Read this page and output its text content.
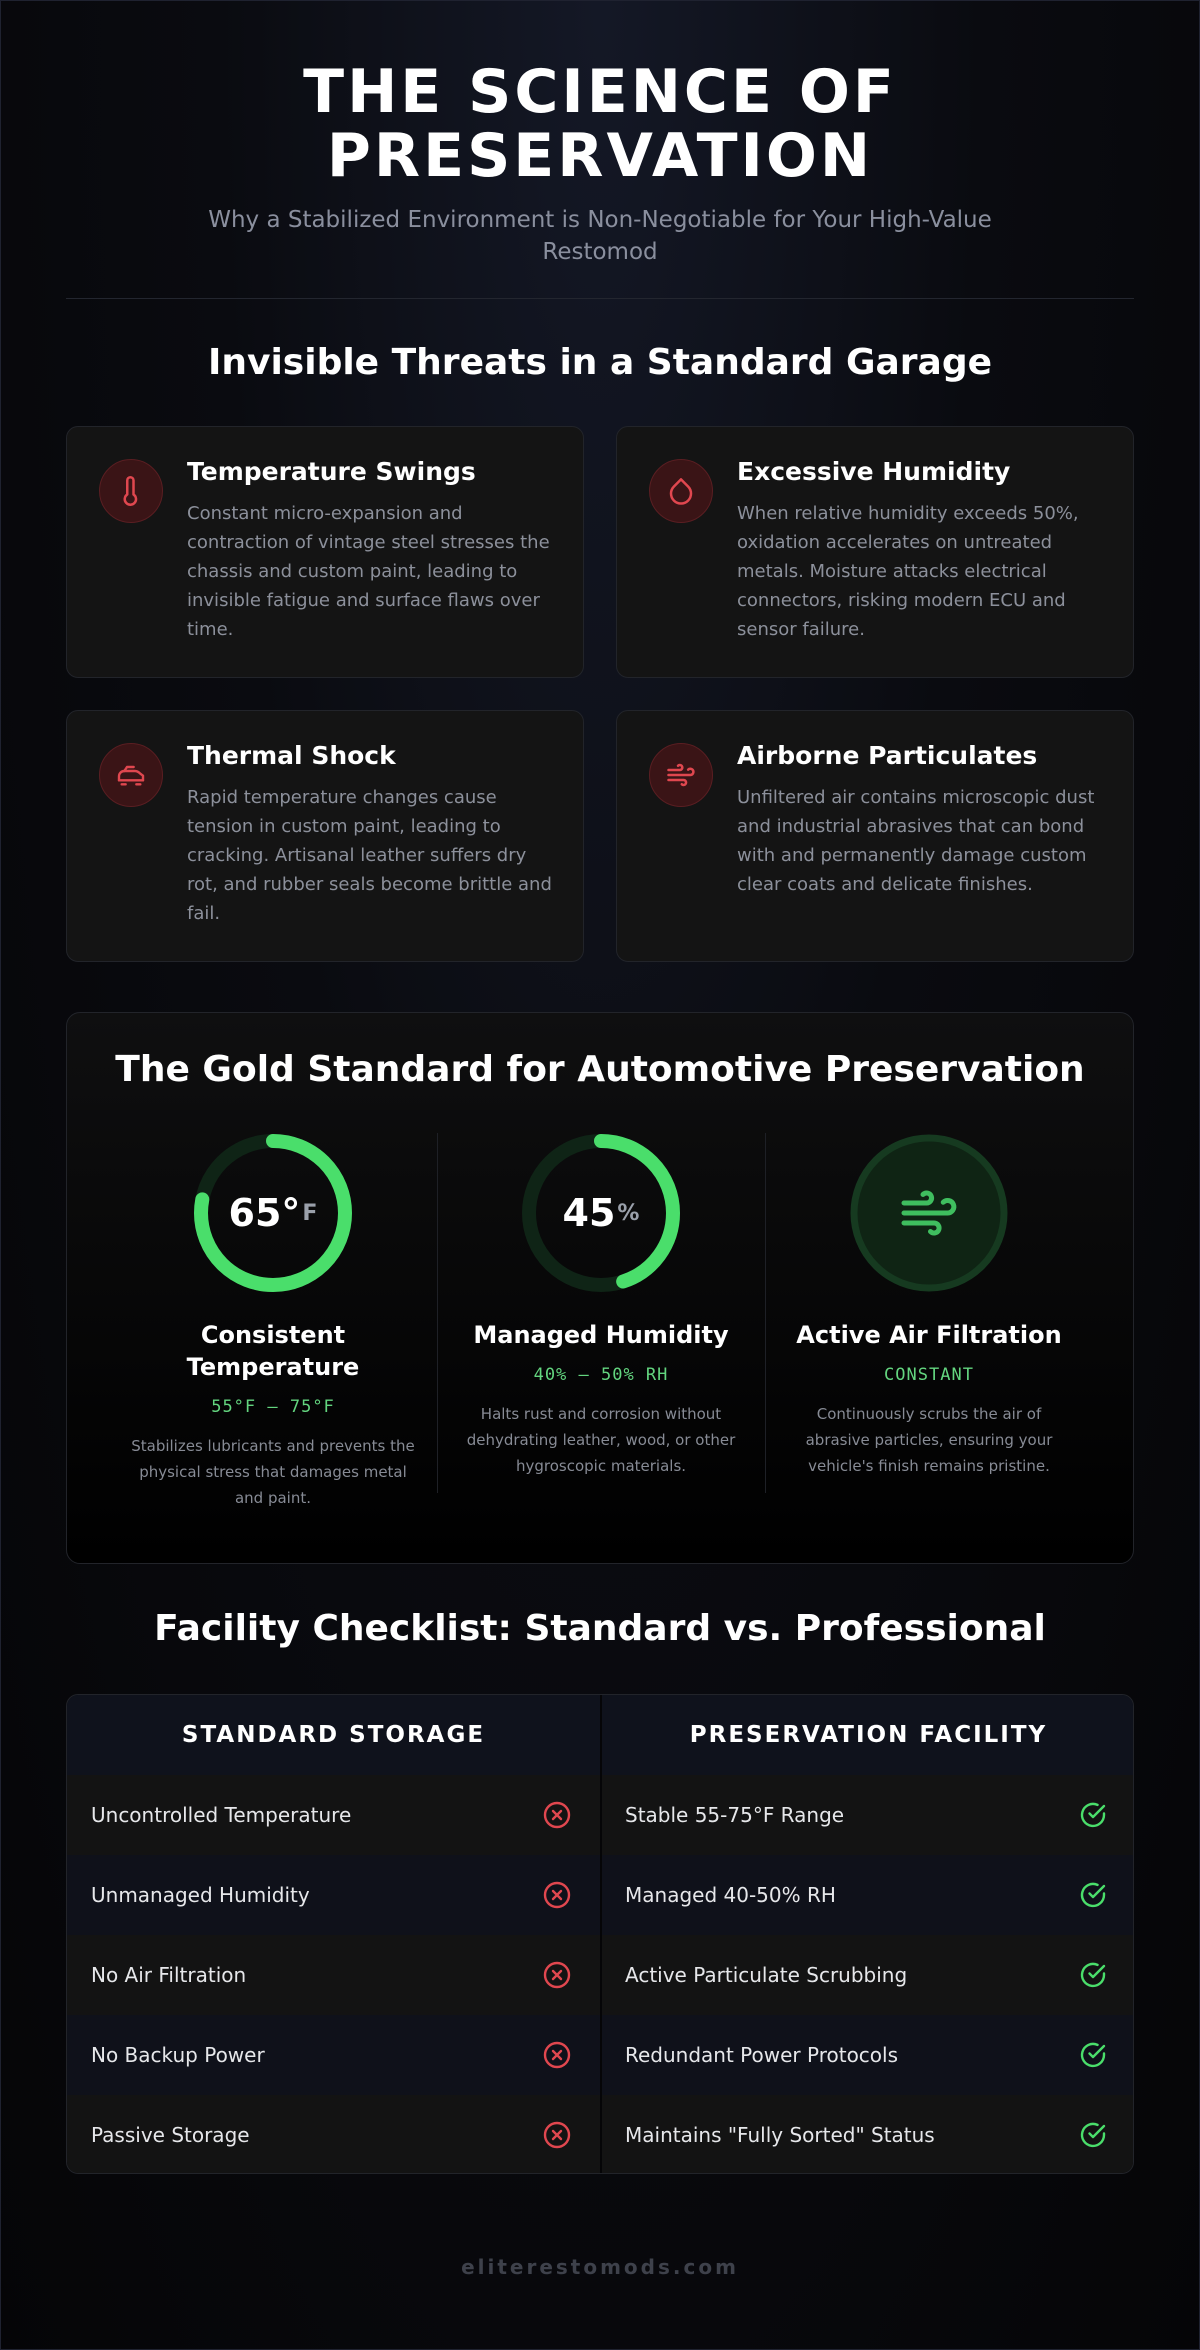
THE SCIENCE OF PRESERVATION

Why a Stabilized Environment is Non-Negotiable for Your High-Value Restomod

Invisible Threats in a Standard Garage
Temperature Swings
Constant micro-expansion and contraction of vintage steel stresses the chassis and custom paint, leading to invisible fatigue and surface flaws over time.
Excessive Humidity
When relative humidity exceeds 50%, oxidation accelerates on untreated metals. Moisture attacks electrical connectors, risking modern ECU and sensor failure.
Thermal Shock
Rapid temperature changes cause tension in custom paint, leading to cracking. Artisanal leather suffers dry rot, and rubber seals become brittle and fail.
Airborne Particulates
Unfiltered air contains microscopic dust and industrial abrasives that can bond with and permanently damage custom clear coats and delicate finishes.
The Gold Standard for Automotive Preservation
65° F
Consistent Temperature
55°F – 75°F
Stabilizes lubricants and prevents the physical stress that damages metal and paint.
45 %
Managed Humidity
40% – 50% RH
Halts rust and corrosion without dehydrating leather, wood, or other hygroscopic materials.
Active Air Filtration
CONSTANT
Continuously scrubs the air of abrasive particles, ensuring your vehicle's finish remains pristine.
Facility Checklist: Standard vs. Professional
STANDARD STORAGE	PRESERVATION FACILITY
Uncontrolled Temperature	Stable 55-75°F Range
Unmanaged Humidity	Managed 40-50% RH
No Air Filtration	Active Particulate Scrubbing
No Backup Power	Redundant Power Protocols
Passive Storage	Maintains "Fully Sorted" Status
eliterestomods.com
